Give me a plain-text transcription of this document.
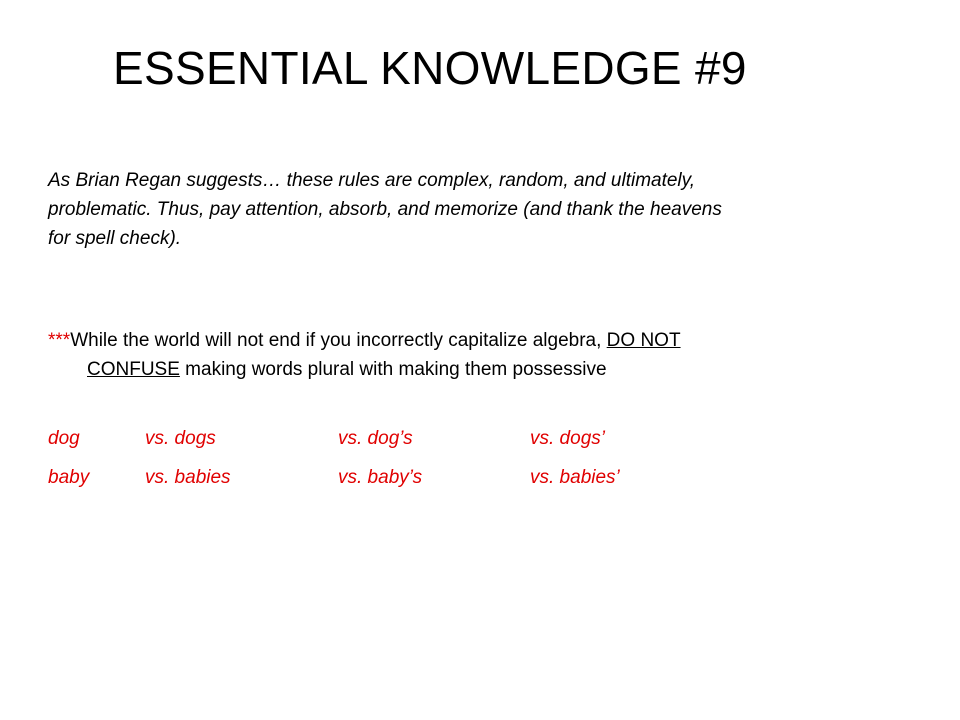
ESSENTIAL KNOWLEDGE #9
As Brian Regan suggests… these rules are complex, random, and ultimately,
problematic. Thus, pay attention, absorb, and memorize (and thank the heavens
for spell check).
***While the world will not end if you incorrectly capitalize algebra, DO NOT
CONFUSE making words plural with making them possessive
dog	vs. dogs	vs. dog’s	vs. dogs’
baby	vs. babies	vs. baby’s	vs. babies’
